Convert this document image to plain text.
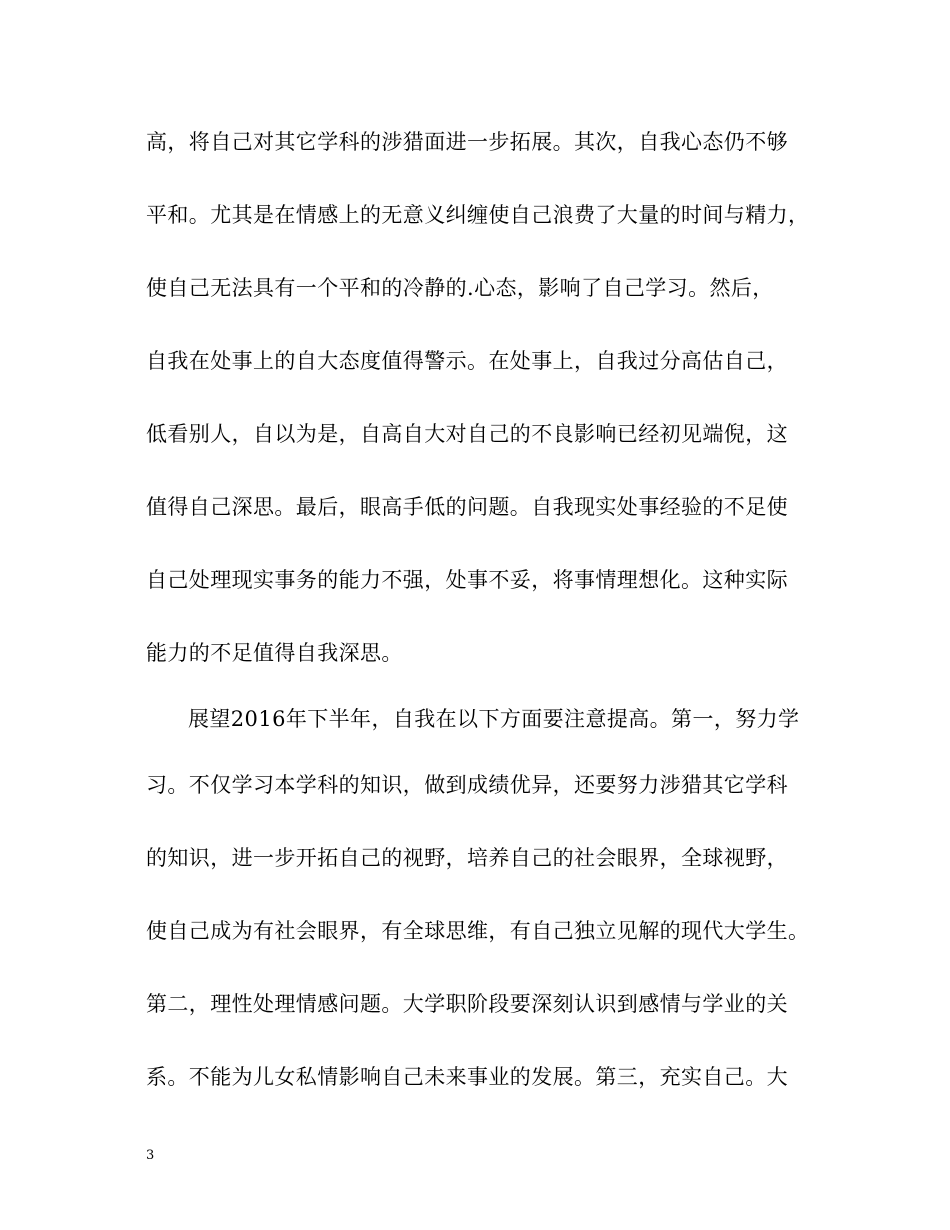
高，将自己对其它学科的涉猎面进一步拓展。其次，自我心态仍不够
平和。尤其是在情感上的无意义纠缠使自己浪费了大量的时间与精力，
使自己无法具有一个平和的冷静的.心态，影响了自己学习。然后，
自我在处事上的自大态度值得警示。在处事上，自我过分高估自己，
低看别人，自以为是，自高自大对自己的不良影响已经初见端倪，这
值得自己深思。最后，眼高手低的问题。自我现实处事经验的不足使
自己处理现实事务的能力不强，处事不妥，将事情理想化。这种实际
能力的不足值得自我深思。
展望2016年下半年，自我在以下方面要注意提高。第一，努力学
习。不仅学习本学科的知识，做到成绩优异，还要努力涉猎其它学科
的知识，进一步开拓自己的视野，培养自己的社会眼界，全球视野，
使自己成为有社会眼界，有全球思维，有自己独立见解的现代大学生。
第二，理性处理情感问题。大学职阶段要深刻认识到感情与学业的关
系。不能为儿女私情影响自己未来事业的发展。第三，充实自己。大
3
